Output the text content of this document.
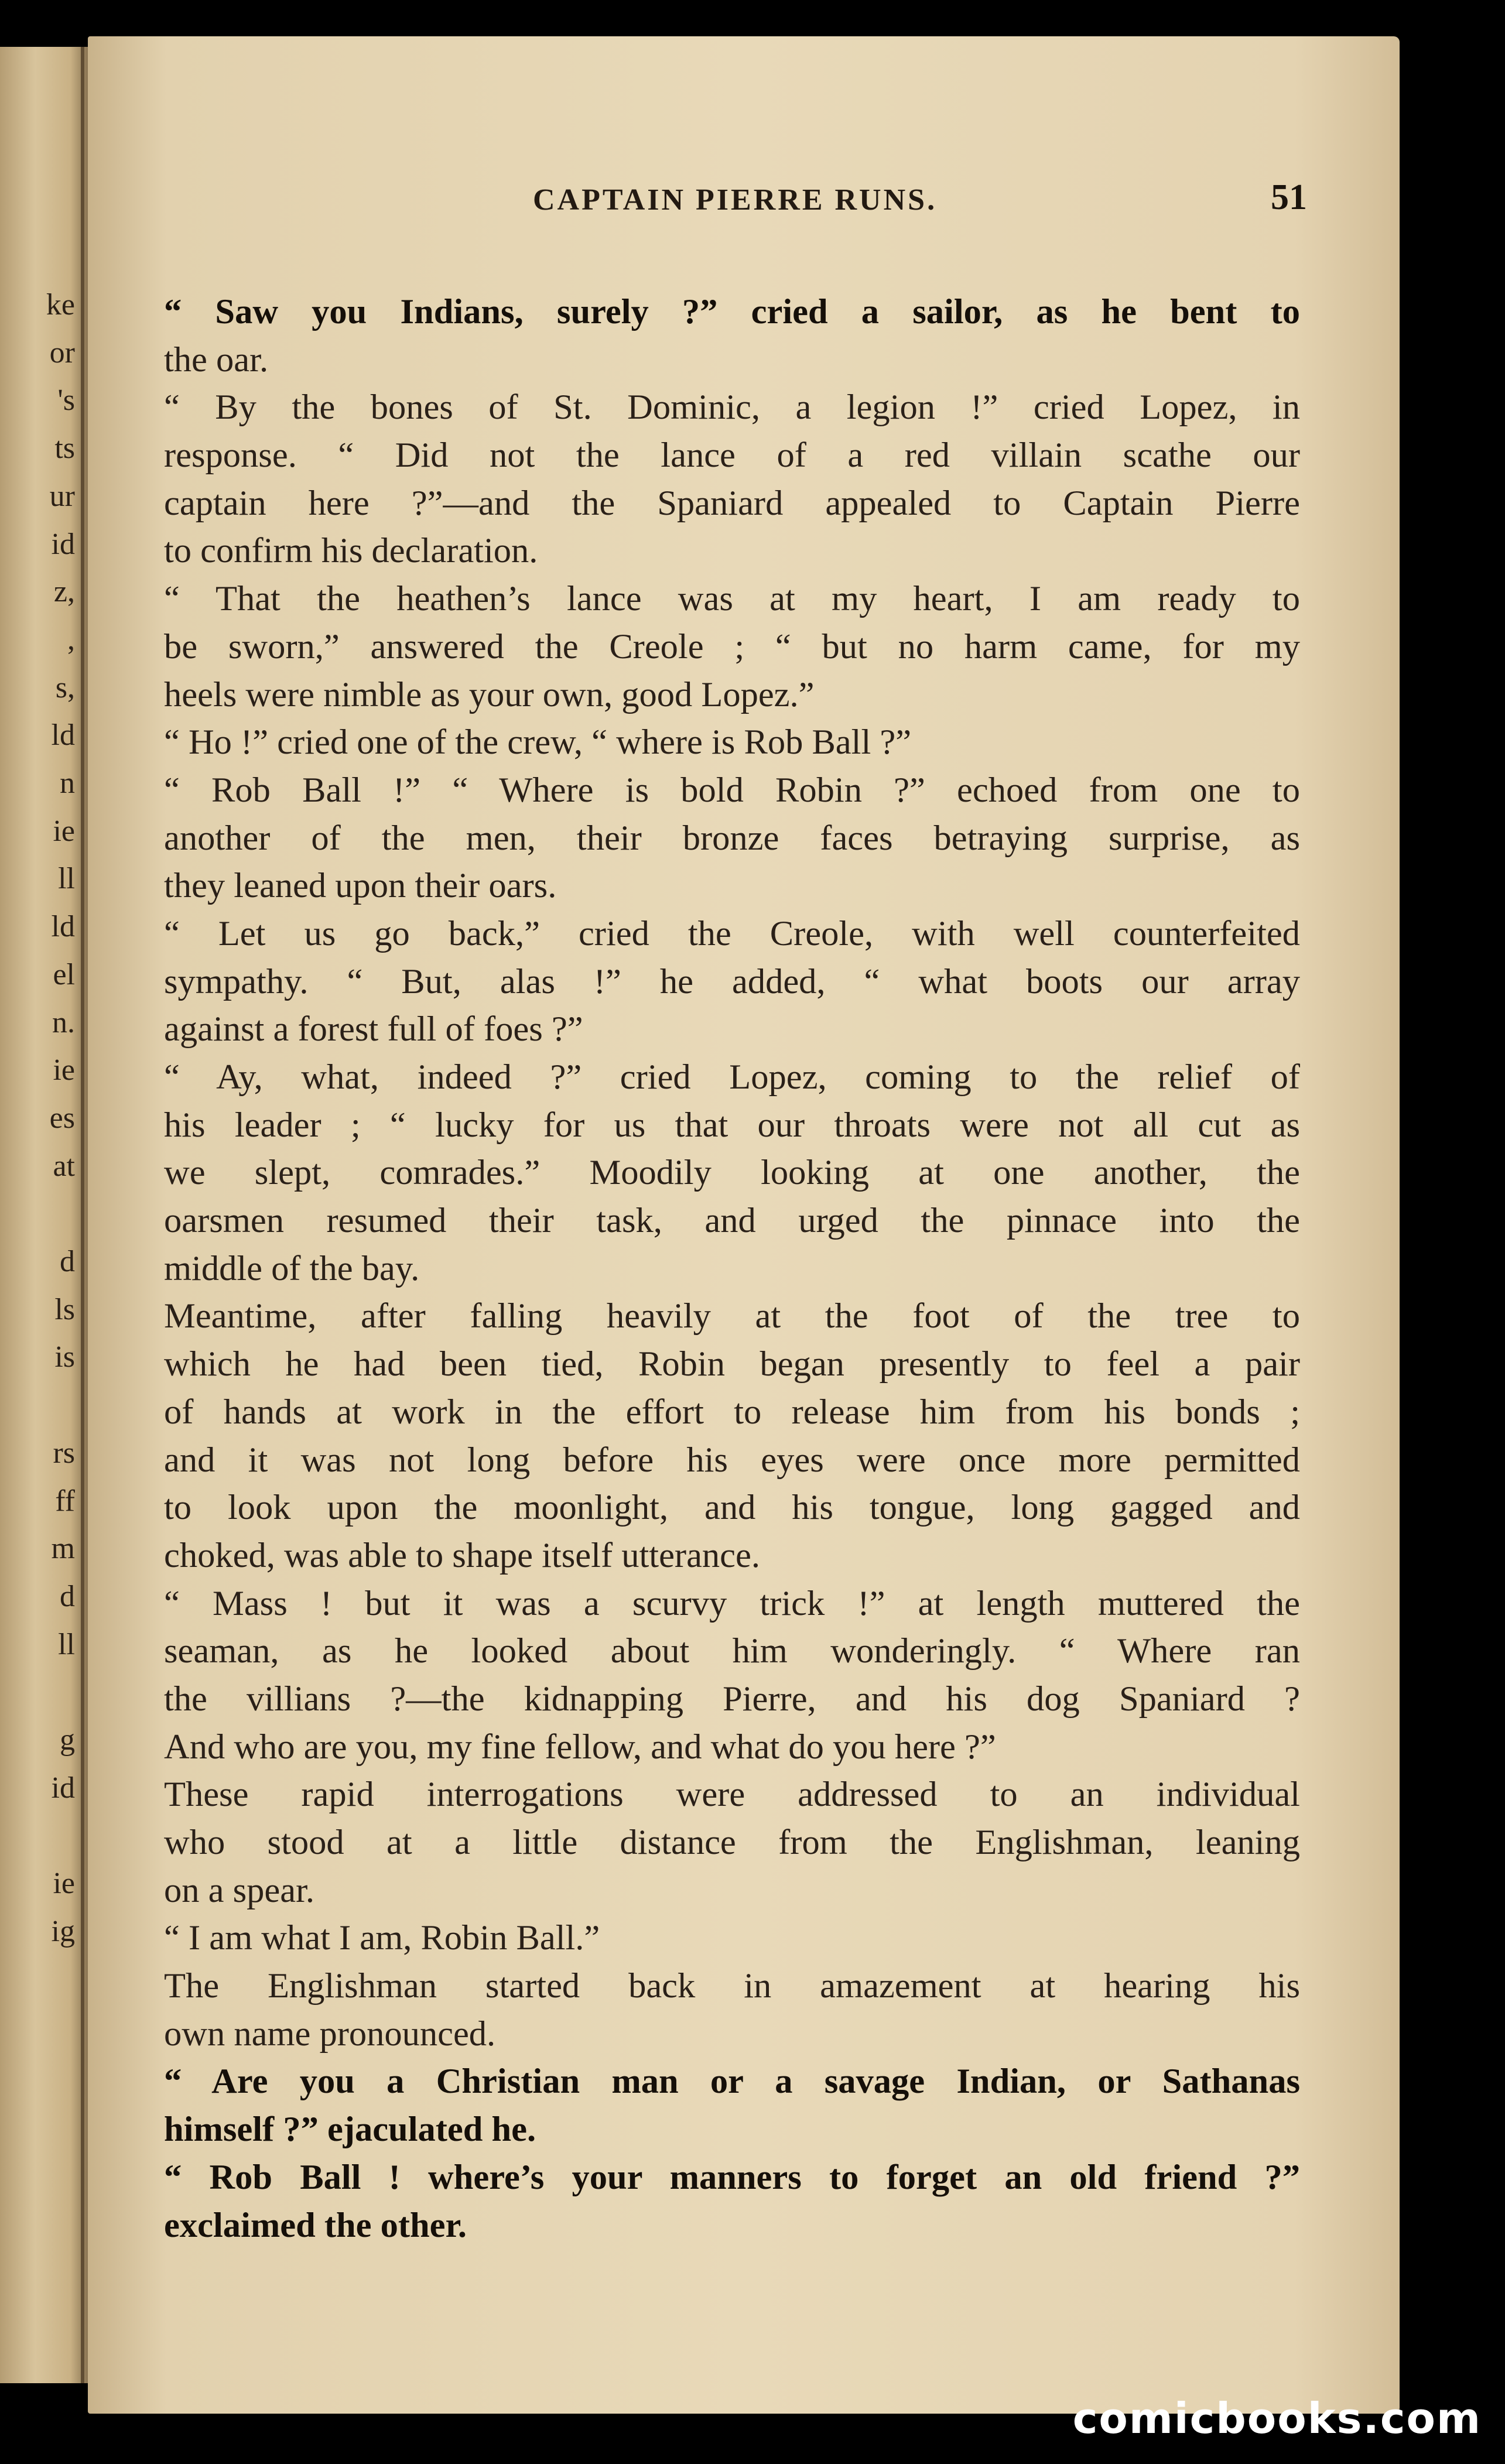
ke
or
's
ts
ur
id
z,
,
s,
ld
n
ie
ll
ld
el
n.
ie
es
at
d
ls
is
rs
ff
m
d
ll
g
id
ie
ig
CAPTAIN PIERRE RUNS.	51
“ Saw you Indians, surely ?” cried a sailor, as he bent to
the oar.
“ By the bones of St. Dominic, a legion !” cried Lopez, in
response. “ Did not the lance of a red villain scathe our
captain here ?”—and the Spaniard appealed to Captain Pierre
to confirm his declaration.
“ That the heathen’s lance was at my heart, I am ready to
be sworn,” answered the Creole ; “ but no harm came, for my
heels were nimble as your own, good Lopez.”
“ Ho !” cried one of the crew, “ where is Rob Ball ?”
“ Rob Ball !” “ Where is bold Robin ?” echoed from one to
another of the men, their bronze faces betraying surprise, as
they leaned upon their oars.
“ Let us go back,” cried the Creole, with well counterfeited
sympathy. “ But, alas !” he added, “ what boots our array
against a forest full of foes ?”
“ Ay, what, indeed ?” cried Lopez, coming to the relief of
his leader ; “ lucky for us that our throats were not all cut as
we slept, comrades.” Moodily looking at one another, the
oarsmen resumed their task, and urged the pinnace into the
middle of the bay.
Meantime, after falling heavily at the foot of the tree to
which he had been tied, Robin began presently to feel a pair
of hands at work in the effort to release him from his bonds ;
and it was not long before his eyes were once more permitted
to look upon the moonlight, and his tongue, long gagged and
choked, was able to shape itself utterance.
“ Mass ! but it was a scurvy trick !” at length muttered the
seaman, as he looked about him wonderingly. “ Where ran
the villians ?—the kidnapping Pierre, and his dog Spaniard ?
And who are you, my fine fellow, and what do you here ?”
These rapid interrogations were addressed to an individual
who stood at a little distance from the Englishman, leaning
on a spear.
“ I am what I am, Robin Ball.”
The Englishman started back in amazement at hearing his
own name pronounced.
“ Are you a Christian man or a savage Indian, or Sathanas
himself ?” ejaculated he.
“ Rob Ball ! where’s your manners to forget an old friend ?”
exclaimed the other.
comicbooks.com
